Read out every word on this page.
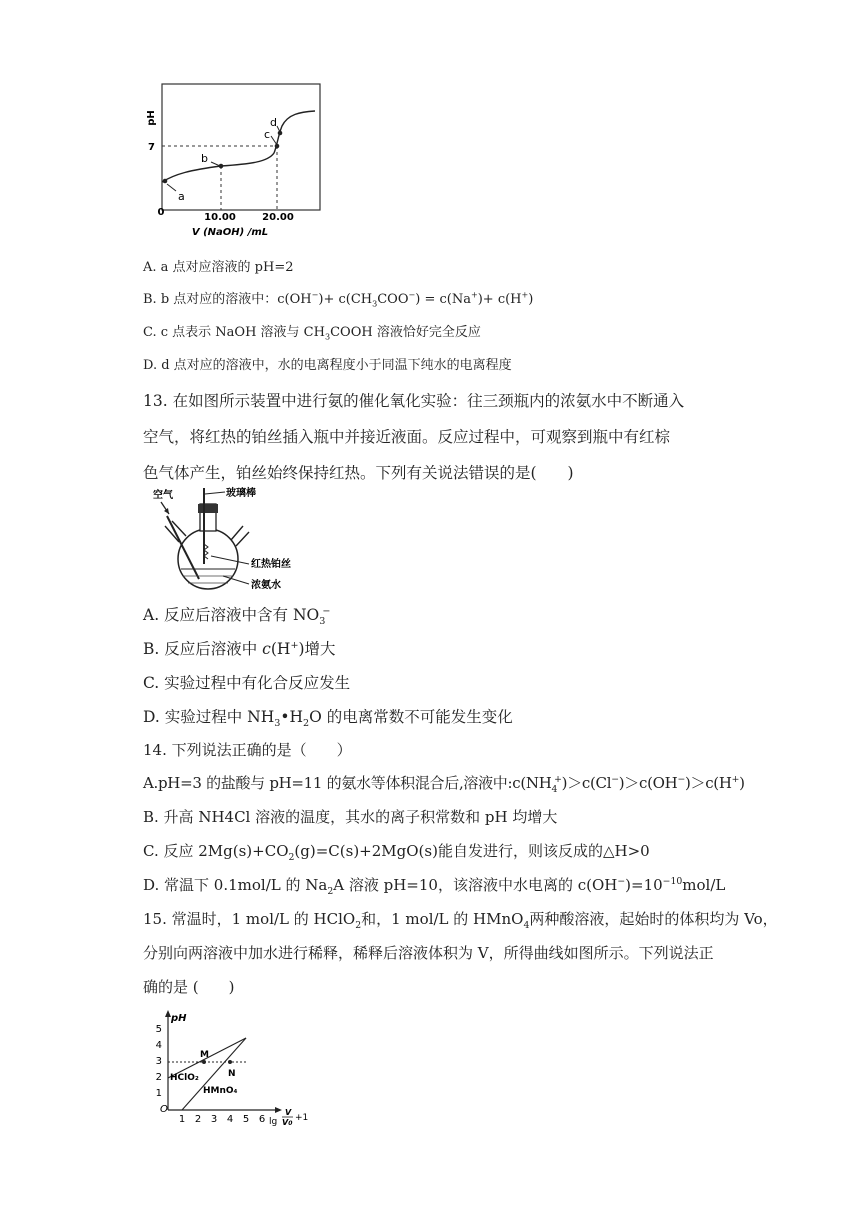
pH
7
0	10.00	20.00
V (NaOH) /mL
a
b
c
d
A. a 点对应溶液的 pH=2
B. b 点对应的溶液中：$c(OH^-)+ c(CH_3COO^-) = c(Na^+)+ c(H^+)$
C. c 点表示 NaOH 溶液与 $CH_3COOH$ 溶液恰好完全反应
D. d 点对应的溶液中，水的电离程度小于同温下纯水的电离程度
13. 在如图所示装置中进行氨的催化氧化实验：往三颈瓶内的浓氨水中不断通入
空气，将红热的铂丝插入瓶中并接近液面。反应过程中，可观察到瓶中有红棕
色气体产生，铂丝始终保持红热。下列有关说法错误的是(　　)
空气	玻璃棒
红热铂丝
浓氨水
A. 反应后溶液中含有 $NO_3^-$
B. 反应后溶液中 c(H+)增大
C. 实验过程中有化合反应发生
D. 实验过程中 $NH_3•H_2O$ 的电离常数不可能发生变化
14. 下列说法正确的是（　　）
A.pH=3 的盐酸与 pH=11 的氨水等体积混合后,溶液中$:c(NH_4^+)>c(Cl^-)>c(OH^-)>c(H^+)$
B. 升高 NH4Cl 溶液的温度，其水的离子积常数和 pH 均增大
C. 反应 $2Mg(s)+CO_2(g)=C(s)+2MgO(s)$能自发进行，则该反成的△H>0
D. 常温下 0.1mol/L 的 $Na_2A$ 溶液 pH=10，该溶液中水电离的 $c(OH^-)=10^{-10}mol/L$
15. 常温时，1 mol/L 的 HClO$_2$和，1 mol/L 的 HMnO$_4$两种酸溶液，起始时的体积均为 Vo，
分别向两溶液中加水进行稀释，稀释后溶液体积为 V，所得曲线如图所示。下列说法正
确的是 (　　)
pH
5
4
3
2
1
O
1 2 3 4 5 6 lg
V
V0
+1
M
N
HClO₂
HMnO₄
